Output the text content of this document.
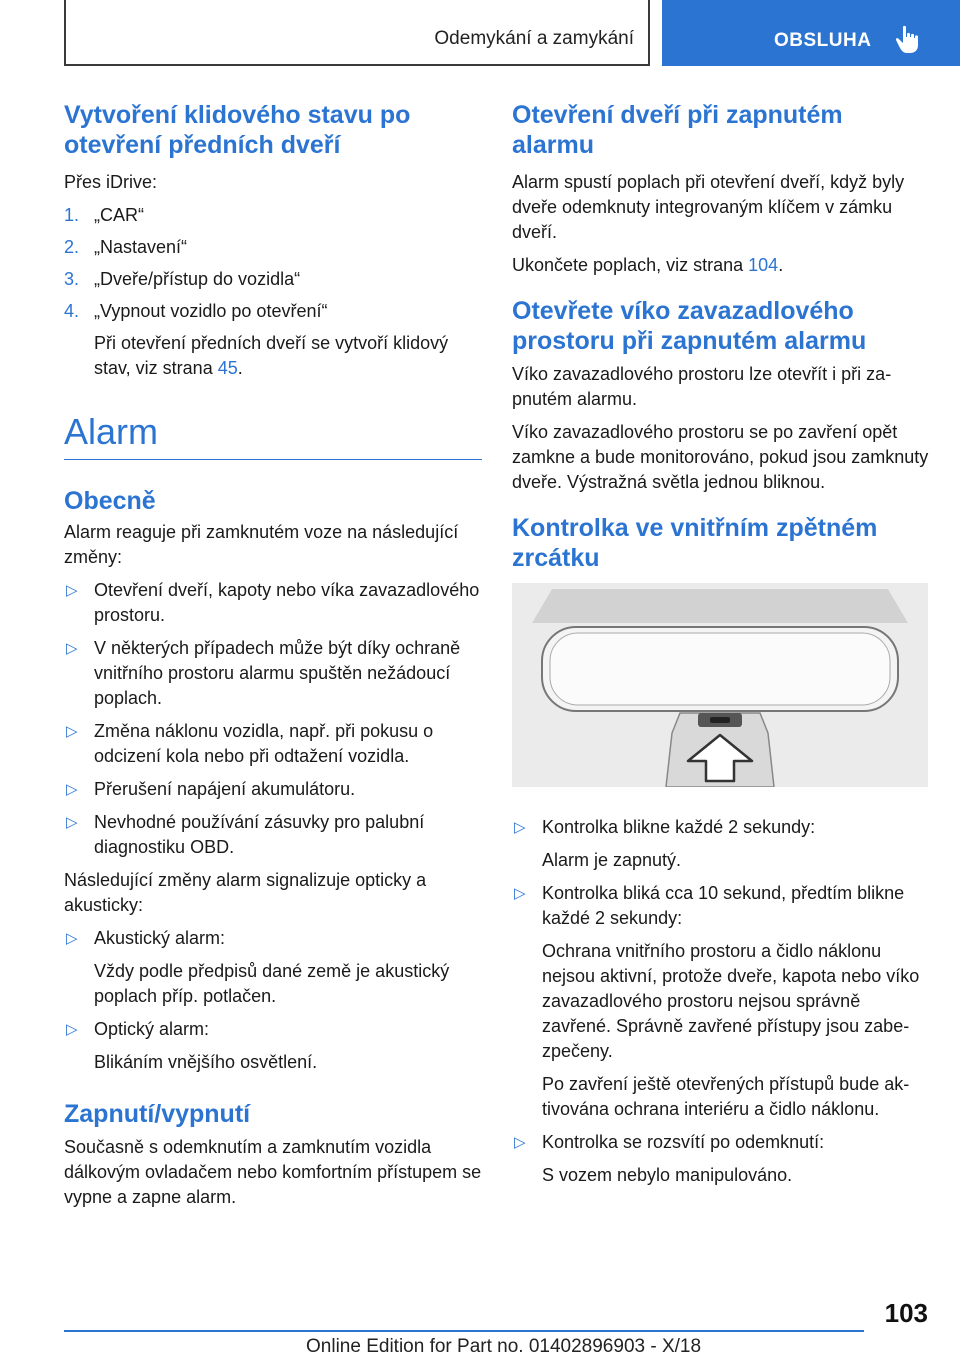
Odemykání a zamykání	OBSLUHA
Vytvoření klidového stavu po otevření předních dveří

Přes iDrive:

1. „CAR“
2. „Nastavení“
3. „Dveře/přístup do vozidla“
4. „Vypnout vozidlo po otevření“
Při otevření předních dveří se vytvoří klidový stav, viz strana 45.
Alarm
Obecně

Alarm reaguje při zamknutém voze na následující změny:

▷ Otevření dveří, kapoty nebo víka zavazadlového prostoru.
▷ V některých případech může být díky ochraně vnitřního prostoru alarmu spuštěn nežádoucí poplach.
▷ Změna náklonu vozidla, např. při pokusu o odcizení kola nebo při odtažení vozidla.
▷ Přerušení napájení akumulátoru.
▷ Nevhodné používání zásuvky pro palubní diagnostiku OBD.

Následující změny alarm signalizuje opticky a akusticky:

▷ Akustický alarm:
Vždy podle předpisů dané země je akustický poplach příp. potlačen.
▷ Optický alarm:
Blikáním vnějšího osvětlení.
Zapnutí/vypnutí

Současně s odemknutím a zamknutím vozidla dálkovým ovladačem nebo komfortním přístupem se vypne a zapne alarm.

Otevření dveří při zapnutém alarmu

Alarm spustí poplach při otevření dveří, když byly dveře odemknuty integrovaným klíčem v zámku dveří.

Ukončete poplach, viz strana 104.

Otevřete víko zavazadlového prostoru při zapnutém alarmu

Víko zavazadlového prostoru lze otevřít i při zapnutém alarmu.

Víko zavazadlového prostoru se po zavření opět zamkne a bude monitorováno, pokud jsou zamknuty dveře. Výstražná světla jednou bliknou.

Kontrolka ve vnitřním zpětném zrcátku
▷ Kontrolka blikne každé 2 sekundy:
Alarm je zapnutý.
▷ Kontrolka bliká cca 10 sekund, předtím blikne každé 2 sekundy:
Ochrana vnitřního prostoru a čidlo náklonu nejsou aktivní, protože dveře, kapota nebo víko zavazadlového prostoru nejsou správně zavřené. Správně zavřené přístupy jsou zabezpečeny.
Po zavření ještě otevřených přístupů bude aktivována ochrana interiéru a čidlo náklonu.
▷ Kontrolka se rozsvítí po odemknutí:
S vozem nebylo manipulováno.
103
Online Edition for Part no. 01402896903 - X/18
